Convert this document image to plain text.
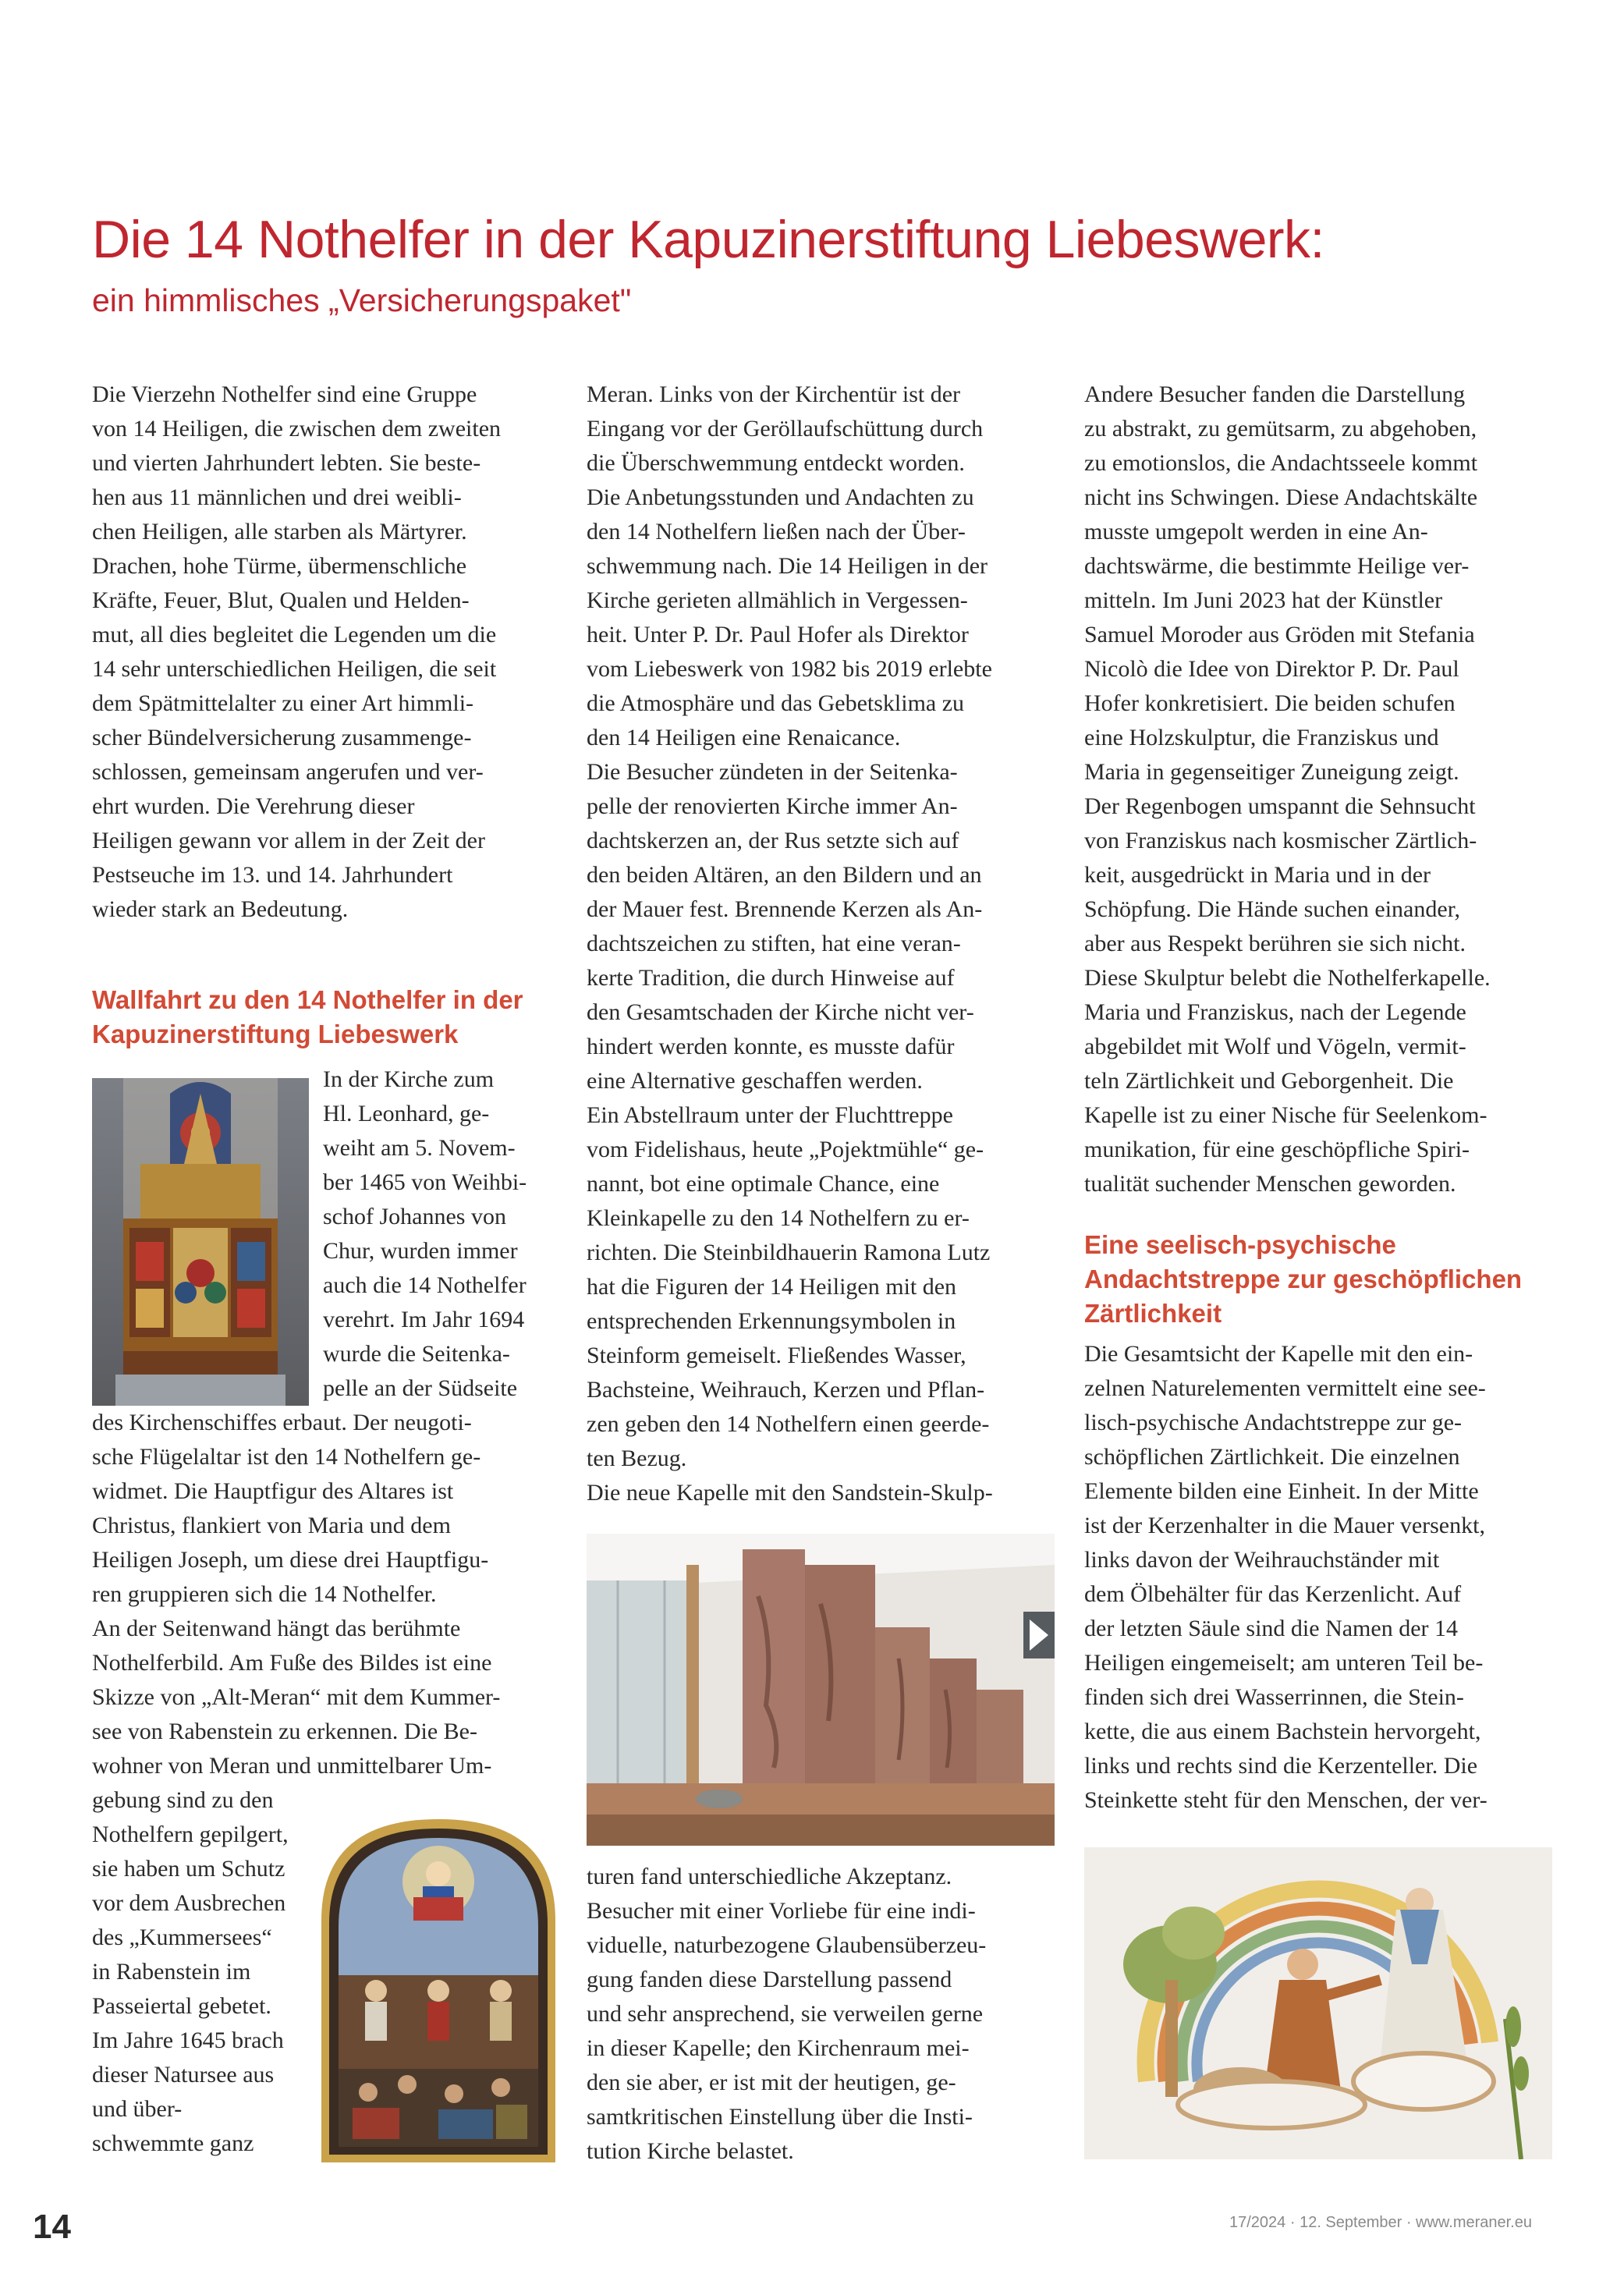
Die 14 Nothelfer in der Kapuzinerstiftung Liebeswerk:
ein himmlisches „Versicherungspaket"
Die Vierzehn Nothelfer sind eine Gruppe
von 14 Heiligen, die zwischen dem zweiten
und vierten Jahrhundert lebten. Sie beste-
hen aus 11 männlichen und drei weibli-
chen Heiligen, alle starben als Märtyrer.
Drachen, hohe Türme, übermenschliche
Kräfte, Feuer, Blut, Qualen und Helden-
mut, all dies begleitet die Legenden um die
14 sehr unterschiedlichen Heiligen, die seit
dem Spätmittelalter zu einer Art himmli-
scher Bündelversicherung zusammenge-
schlossen, gemeinsam angerufen und ver-
ehrt wurden. Die Verehrung dieser
Heiligen gewann vor allem in der Zeit der
Pestseuche im 13. und 14. Jahrhundert
wieder stark an Bedeutung.
Wallfahrt zu den 14 Nothelfer in der
Kapuzinerstiftung Liebeswerk
In der Kirche zum
Hl. Leonhard, ge-
weiht am 5. Novem-
ber 1465 von Weihbi-
schof Johannes von
Chur, wurden immer
auch die 14 Nothelfer
verehrt. Im Jahr 1694
wurde die Seitenka-
pelle an der Südseite
des Kirchenschiffes erbaut. Der neugoti-
sche Flügelaltar ist den 14 Nothelfern ge-
widmet. Die Hauptfigur des Altares ist
Christus, flankiert von Maria und dem
Heiligen Joseph, um diese drei Hauptfigu-
ren gruppieren sich die 14 Nothelfer.
An der Seitenwand hängt das berühmte
Nothelferbild. Am Fuße des Bildes ist eine
Skizze von „Alt-Meran“ mit dem Kummer-
see von Rabenstein zu erkennen. Die Be-
wohner von Meran und unmittelbarer Um-
gebung sind zu den
Nothelfern gepilgert,
sie haben um Schutz
vor dem Ausbrechen
des „Kummersees“
in Rabenstein im
Passeiertal gebetet.
Im Jahre 1645 brach
dieser Natursee aus
und über-
schwemmte ganz
Meran. Links von der Kirchentür ist der
Eingang vor der Geröllaufschüttung durch
die Überschwemmung entdeckt worden.
Die Anbetungsstunden und Andachten zu
den 14 Nothelfern ließen nach der Über-
schwemmung nach. Die 14 Heiligen in der
Kirche gerieten allmählich in Vergessen-
heit. Unter P. Dr. Paul Hofer als Direktor
vom Liebeswerk von 1982 bis 2019 erlebte
die Atmosphäre und das Gebetsklima zu
den 14 Heiligen eine Renaicance.
Die Besucher zündeten in der Seitenka-
pelle der renovierten Kirche immer An-
dachtskerzen an, der Rus setzte sich auf
den beiden Altären, an den Bildern und an
der Mauer fest. Brennende Kerzen als An-
dachtszeichen zu stiften, hat eine veran-
kerte Tradition, die durch Hinweise auf
den Gesamtschaden der Kirche nicht ver-
hindert werden konnte, es musste dafür
eine Alternative geschaffen werden.
Ein Abstellraum unter der Fluchttreppe
vom Fidelishaus, heute „Pojektmühle“ ge-
nannt, bot eine optimale Chance, eine
Kleinkapelle zu den 14 Nothelfern zu er-
richten. Die Steinbildhauerin Ramona Lutz
hat die Figuren der 14 Heiligen mit den
entsprechenden Erkennungsymbolen in
Steinform gemeiselt. Fließendes Wasser,
Bachsteine, Weihrauch, Kerzen und Pflan-
zen geben den 14 Nothelfern einen geerde-
ten Bezug.
Die neue Kapelle mit den Sandstein-Skulp-
turen fand unterschiedliche Akzeptanz.
Besucher mit einer Vorliebe für eine indi-
viduelle, naturbezogene Glaubensüberzeu-
gung fanden diese Darstellung passend
und sehr ansprechend, sie verweilen gerne
in dieser Kapelle; den Kirchenraum mei-
den sie aber, er ist mit der heutigen, ge-
samtkritischen Einstellung über die Insti-
tution Kirche belastet.
Andere Besucher fanden die Darstellung
zu abstrakt, zu gemütsarm, zu abgehoben,
zu emotionslos, die Andachtsseele kommt
nicht ins Schwingen. Diese Andachtskälte
musste umgepolt werden in eine An-
dachtswärme, die bestimmte Heilige ver-
mitteln. Im Juni 2023 hat der Künstler
Samuel Moroder aus Gröden mit Stefania
Nicolò die Idee von Direktor P. Dr. Paul
Hofer konkretisiert. Die beiden schufen
eine Holzskulptur, die Franziskus und
Maria in gegenseitiger Zuneigung zeigt.
Der Regenbogen umspannt die Sehnsucht
von Franziskus nach kosmischer Zärtlich-
keit, ausgedrückt in Maria und in der
Schöpfung. Die Hände suchen einander,
aber aus Respekt berühren sie sich nicht.
Diese Skulptur belebt die Nothelferkapelle.
Maria und Franziskus, nach der Legende
abgebildet mit Wolf und Vögeln, vermit-
teln Zärtlichkeit und Geborgenheit. Die
Kapelle ist zu einer Nische für Seelenkom-
munikation, für eine geschöpfliche Spiri-
tualität suchender Menschen geworden.
Eine seelisch-psychische
Andachtstreppe zur geschöpflichen
Zärtlichkeit
Die Gesamtsicht der Kapelle mit den ein-
zelnen Naturelementen vermittelt eine see-
lisch-psychische Andachtstreppe zur ge-
schöpflichen Zärtlichkeit. Die einzelnen
Elemente bilden eine Einheit. In der Mitte
ist der Kerzenhalter in die Mauer versenkt,
links davon der Weihrauchständer mit
dem Ölbehälter für das Kerzenlicht. Auf
der letzten Säule sind die Namen der 14
Heiligen eingemeiselt; am unteren Teil be-
finden sich drei Wasserrinnen, die Stein-
kette, die aus einem Bachstein hervorgeht,
links und rechts sind die Kerzenteller. Die
Steinkette steht für den Menschen, der ver-
14	17/2024 · 12. September · www.meraner.eu
